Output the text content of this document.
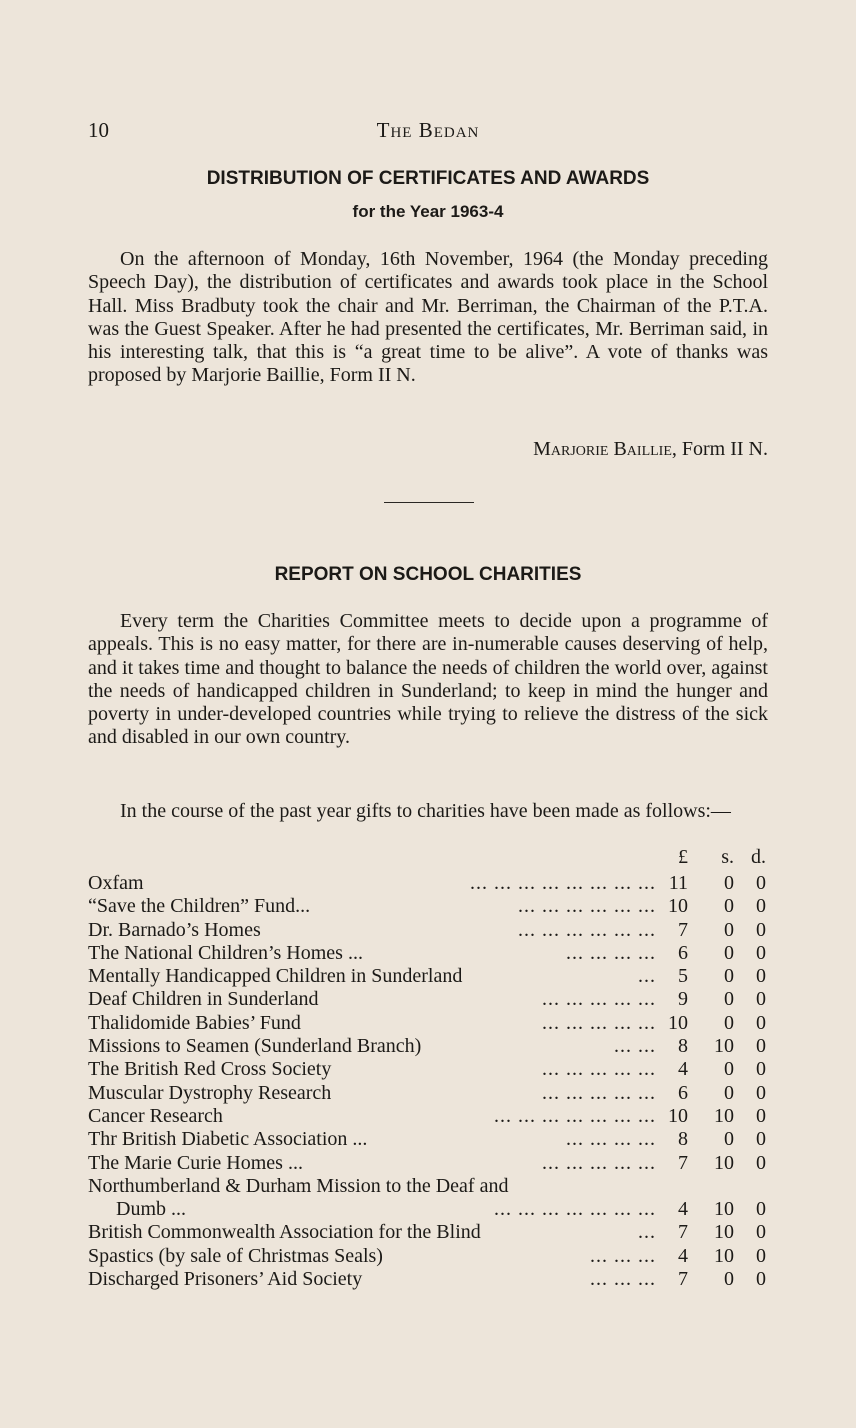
10	The Bedan
DISTRIBUTION OF CERTIFICATES AND AWARDS
for the Year 1963-4
On the afternoon of Monday, 16th November, 1964 (the Monday preceding Speech Day), the distribution of certificates and awards took place in the School Hall. Miss Bradbuty took the chair and Mr. Berriman, the Chairman of the P.T.A. was the Guest Speaker. After he had presented the certificates, Mr. Berriman said, in his interesting talk, that this is “a great time to be alive”. A vote of thanks was proposed by Marjorie Baillie, Form II N.
Marjorie Baillie, Form II N.
REPORT ON SCHOOL CHARITIES
Every term the Charities Committee meets to decide upon a programme of appeals. This is no easy matter, for there are in-numerable causes deserving of help, and it takes time and thought to balance the needs of children the world over, against the needs of handicapped children in Sunderland; to keep in mind the hunger and poverty in under-developed countries while trying to relieve the distress of the sick and disabled in our own country.
In the course of the past year gifts to charities have been made as follows:—
£	s. d.
Oxfam	... ... ... ... ... ... ... ... 11	0	0
“Save the Children” Fund...	... ... ... ... ... ... 10	0	0
Dr. Barnado’s Homes	... ... ... ... ... ...	7	0	0
The National Children’s Homes ...	... ... ... ...	6	0	0
Mentally Handicapped Children in Sunderland	...	5	0	0
Deaf Children in Sunderland	... ... ... ... ...	9	0	0
Thalidomide Babies’ Fund	... ... ... ... ... 10	0	0
Missions to Seamen (Sunderland Branch)	... ...	8	10	0
The British Red Cross Society	... ... ... ... ...	4	0	0
Muscular Dystrophy Research	... ... ... ... ...	6	0	0
Cancer Research	... ... ... ... ... ... ... 10	10	0
Thr British Diabetic Association ...	... ... ... ...	8	0	0
The Marie Curie Homes ...	... ... ... ... ...	7	10	0
Northumberland & Durham Mission to the Deaf and
Dumb ...	... ... ... ... ... ... ...	4	10	0
British Commonwealth Association for the Blind	...	7	10	0
Spastics (by sale of Christmas Seals)	... ... ...	4	10	0
Discharged Prisoners’ Aid Society	... ... ...	7	0	0
